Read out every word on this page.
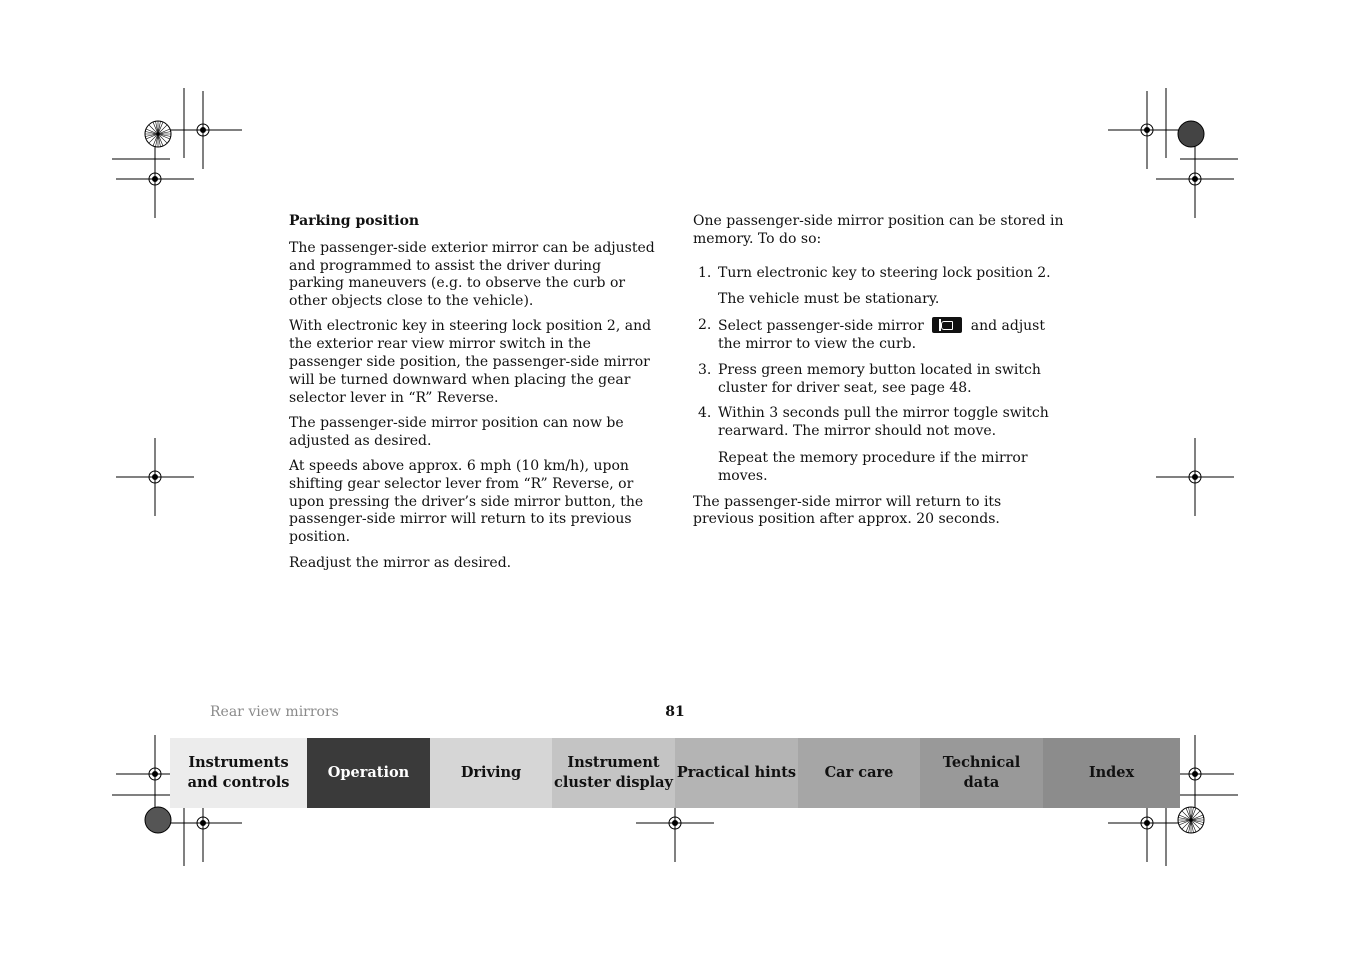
Parking position

The passenger-side exterior mirror can be adjusted and programmed to assist the driver during parking maneuvers (e.g. to observe the curb or other objects close to the vehicle).

With electronic key in steering lock position 2, and the exterior rear view mirror switch in the passenger side position, the passenger-side mirror will be turned downward when placing the gear selector lever in “R” Reverse.

The passenger-side mirror position can now be adjusted as desired.

At speeds above approx. 6 mph (10 km/h), upon shifting gear selector lever from “R” Reverse, or upon pressing the driver’s side mirror button, the passenger-side mirror will return to its previous position.

Readjust the mirror as desired.

One passenger-side mirror position can be stored in memory. To do so:

1. Turn electronic key to steering lock position 2.
The vehicle must be stationary.
2. Select passenger-side mirror	and adjust the mirror to view the curb.
3. Press green memory button located in switch cluster for driver seat, see page 48.
4. Within 3 seconds pull the mirror toggle switch rearward. The mirror should not move.
Repeat the memory procedure if the mirror moves.

The passenger-side mirror will return to its previous position after approx. 20 seconds.

Rear view mirrors	81
Instruments
and controls
Operation	Driving
Instrument
cluster display
Practical hints Car care
Technical
data
Index
